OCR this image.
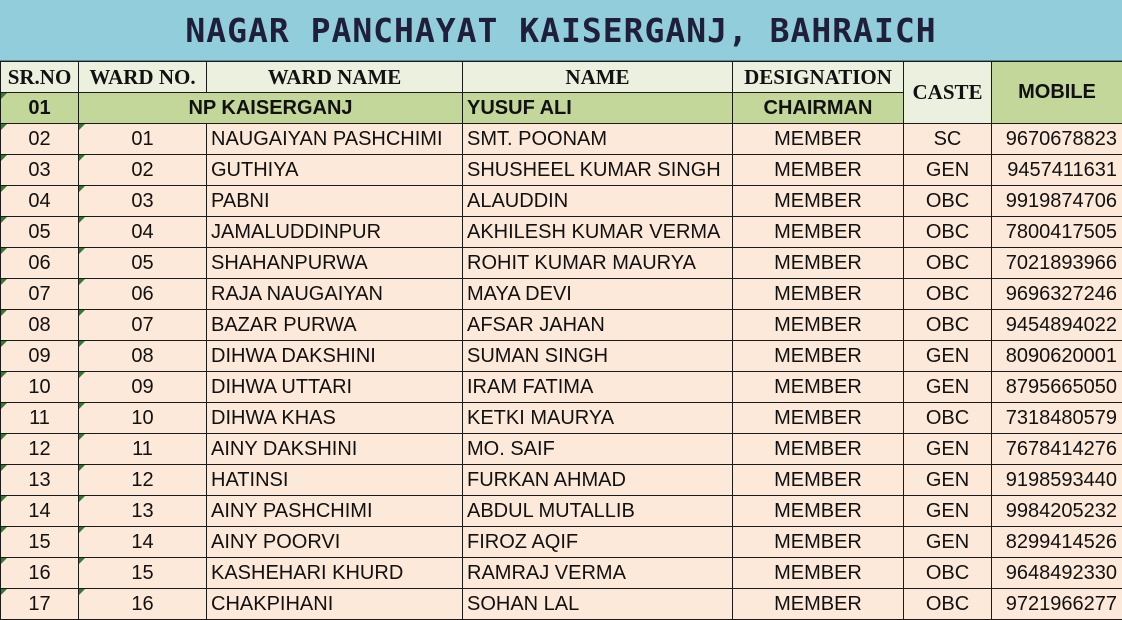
NAGAR PANCHAYAT KAISERGANJ, BAHRAICH
SR.NO	WARD NO.	WARD NAME	NAME	DESIGNATION	CASTE	MOBILE
01	NP KAISERGANJ		YUSUF ALI	CHAIRMAN		
02	01	NAUGAIYAN PASHCHIMI	SMT. POONAM	MEMBER	SC	9670678823
03	02	GUTHIYA	SHUSHEEL KUMAR SINGH	MEMBER	GEN	9457411631
04	03	PABNI	ALAUDDIN	MEMBER	OBC	9919874706
05	04	JAMALUDDINPUR	AKHILESH KUMAR VERMA	MEMBER	OBC	7800417505
06	05	SHAHANPURWA	ROHIT KUMAR MAURYA	MEMBER	OBC	7021893966
07	06	RAJA NAUGAIYAN	MAYA DEVI	MEMBER	OBC	9696327246
08	07	BAZAR PURWA	AFSAR JAHAN	MEMBER	OBC	9454894022
09	08	DIHWA DAKSHINI	SUMAN SINGH	MEMBER	GEN	8090620001
10	09	DIHWA UTTARI	IRAM FATIMA	MEMBER	GEN	8795665050
11	10	DIHWA KHAS	KETKI MAURYA	MEMBER	OBC	7318480579
12	11	AINY DAKSHINI	MO. SAIF	MEMBER	GEN	7678414276
13	12	HATINSI	FURKAN AHMAD	MEMBER	GEN	9198593440
14	13	AINY PASHCHIMI	ABDUL MUTALLIB	MEMBER	GEN	9984205232
15	14	AINY POORVI	FIROZ AQIF	MEMBER	GEN	8299414526
16	15	KASHEHARI KHURD	RAMRAJ VERMA	MEMBER	OBC	9648492330
17	16	CHAKPIHANI	SOHAN LAL	MEMBER	OBC	9721966277
